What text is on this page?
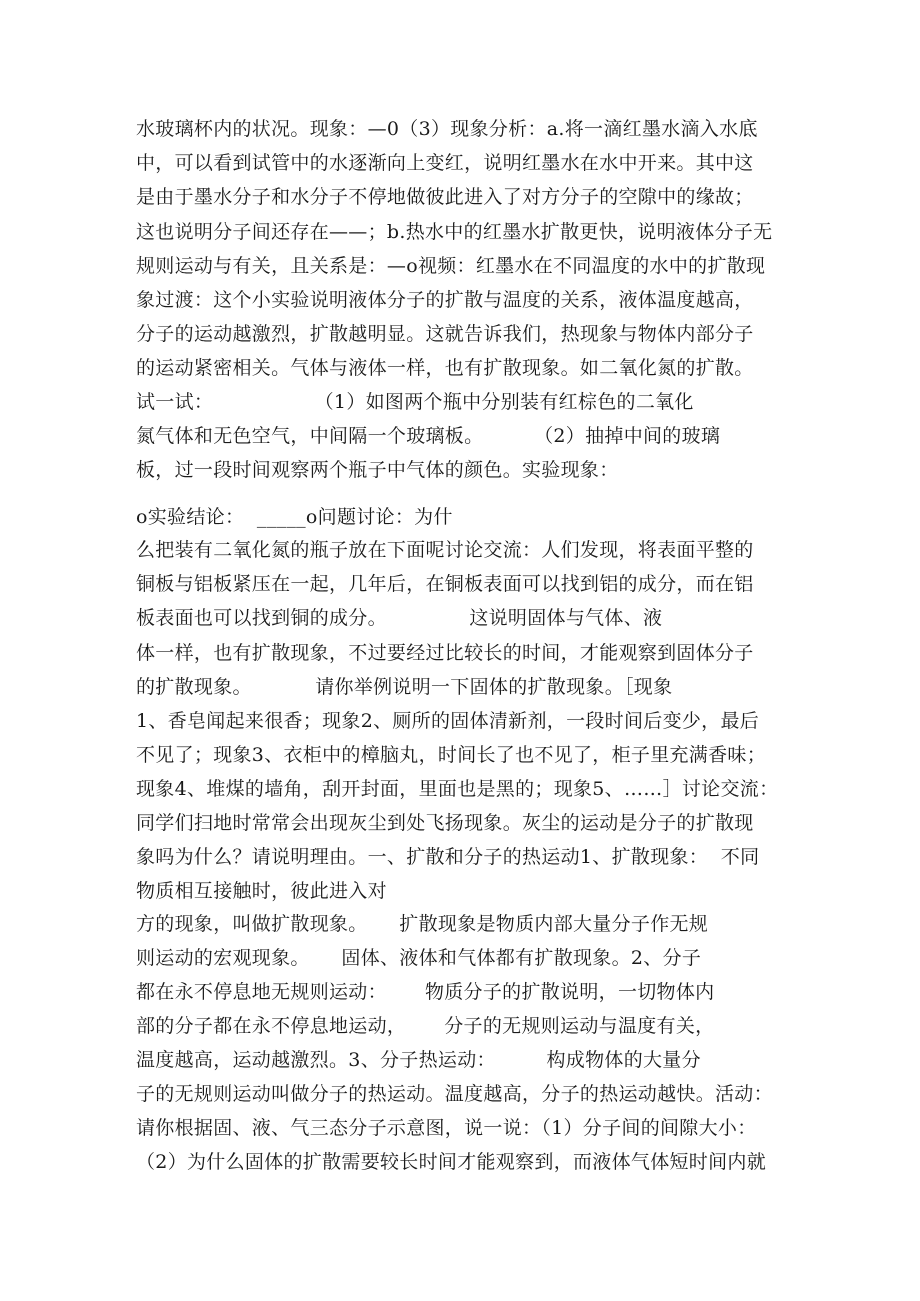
水玻璃杯内的状况。现象：—0（3）现象分析：a.将一滴红墨水滴入水底
中，可以看到试管中的水逐渐向上变红，说明红墨水在水中开来。其中这
是由于墨水分子和水分子不停地做彼此进入了对方分子的空隙中的缘故；
这也说明分子间还存在——；b.热水中的红墨水扩散更快，说明液体分子无
规则运动与有关，且关系是：—o视频：红墨水在不同温度的水中的扩散现
象过渡：这个小实验说明液体分子的扩散与温度的关系，液体温度越高，
分子的运动越激烈，扩散越明显。这就告诉我们，热现象与物体内部分子
的运动紧密相关。气体与液体一样，也有扩散现象。如二氧化氮的扩散。
试一试：                （1）如图两个瓶中分别装有红棕色的二氧化
氮气体和无色空气，中间隔一个玻璃板。        （2）抽掉中间的玻璃
板，过一段时间观察两个瓶子中气体的颜色。实验现象：
o实验结论：  _____o问题讨论：为什
么把装有二氧化氮的瓶子放在下面呢讨论交流：人们发现，将表面平整的
铜板与铝板紧压在一起，几年后，在铜板表面可以找到铝的成分，而在铝
板表面也可以找到铜的成分。             这说明固体与气体、液
体一样，也有扩散现象，不过要经过比较长的时间，才能观察到固体分子
的扩散现象。          请你举例说明一下固体的扩散现象。［现象
1、香皂闻起来很香；现象2、厕所的固体清新剂，一段时间后变少，最后
不见了；现象3、衣柜中的樟脑丸，时间长了也不见了，柜子里充满香味；
现象4、堆煤的墙角，刮开封面，里面也是黑的；现象5、……］讨论交流：
同学们扫地时常常会出现灰尘到处飞扬现象。灰尘的运动是分子的扩散现
象吗为什么？请说明理由。一、扩散和分子的热运动1、扩散现象：  不同
物质相互接触时，彼此进入对
方的现象，叫做扩散现象。     扩散现象是物质内部大量分子作无规
则运动的宏观现象。     固体、液体和气体都有扩散现象。2、分子
都在永不停息地无规则运动：      物质分子的扩散说明，一切物体内
部的分子都在永不停息地运动，      分子的无规则运动与温度有关，
温度越高，运动越激烈。3、分子热运动：        构成物体的大量分
子的无规则运动叫做分子的热运动。温度越高，分子的热运动越快。活动：
请你根据固、液、气三态分子示意图，说一说：（1）分子间的间隙大小：
（2）为什么固体的扩散需要较长时间才能观察到，而液体气体短时间内就
